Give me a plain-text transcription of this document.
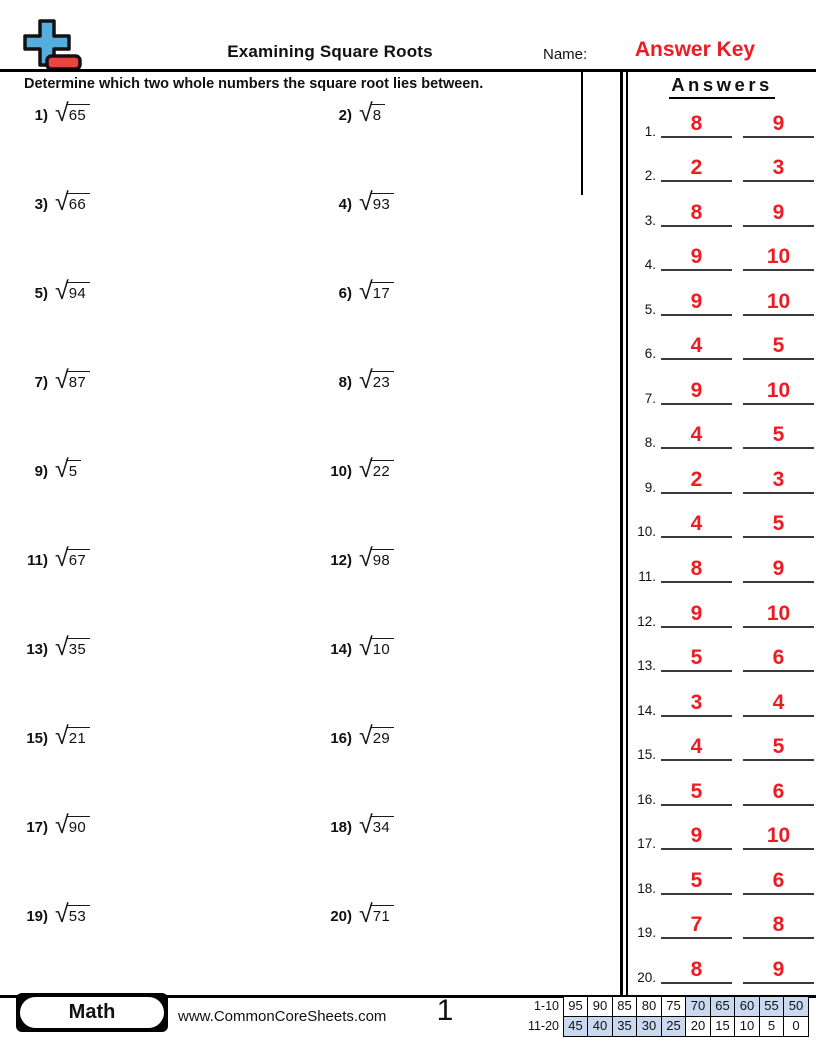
Examining Square Roots	Name:	Answer Key
Determine which two whole numbers the square root lies between.
1) √ 65	2) √ 8
3) √ 66	4) √ 93
5) √ 94	6) √ 17
7) √ 87	8) √ 23
9) √ 5	10) √ 22
11) √ 67	12) √ 98
13) √ 35	14) √ 10
15) √ 21	16) √ 29
17) √ 90	18) √ 34
19) √ 53	20) √ 71
Answers
1. 8	9
2. 2	3
3. 8	9
4. 9	10
5. 9	10
6. 4	5
7. 9	10
8. 4	5
9. 2	3
10. 4	5
11. 8	9
12. 9	10
13. 5	6
14. 3	4
15. 4	5
16. 5	6
17. 9	10
18. 5	6
19. 7	8
20. 8	9
Math	www.CommonCoreSheets.com	1	1-10 95 90 85 80 75 70 65 60 55 50
11-20 45 40 35 30 25 20 15 10	5	0
